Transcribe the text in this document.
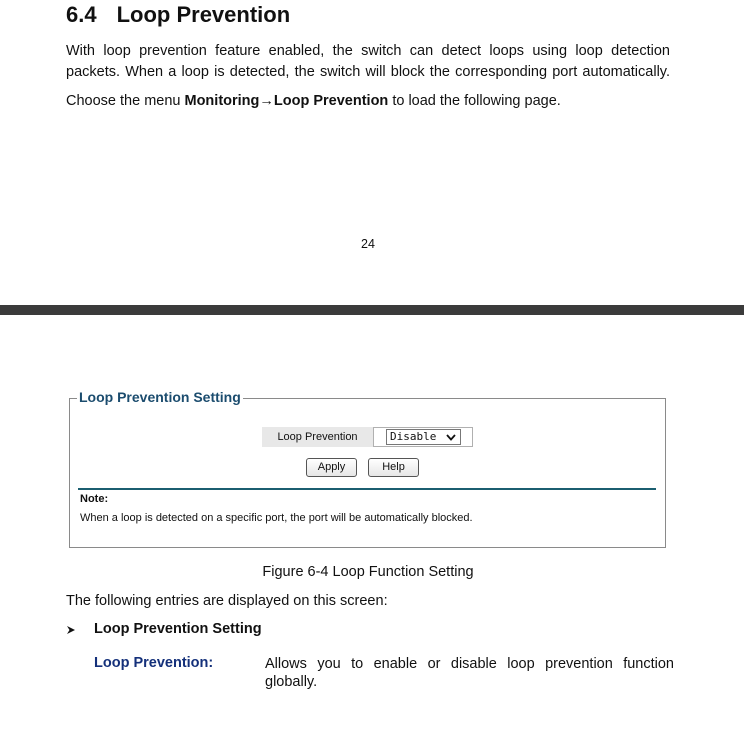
6.4 Loop Prevention
With loop prevention feature enabled, the switch can detect loops using loop detection packets. When a loop is detected, the switch will block the corresponding port automatically.
Choose the menu Monitoring→Loop Prevention to load the following page.
24
Loop Prevention Setting
Loop Prevention	Disable
Apply	Help
Note:
When a loop is detected on a specific port, the port will be automatically blocked.
Figure 6-4 Loop Function Setting
The following entries are displayed on this screen:
Loop Prevention Setting
Loop Prevention:	Allows you to enable or disable loop prevention function
globally.
